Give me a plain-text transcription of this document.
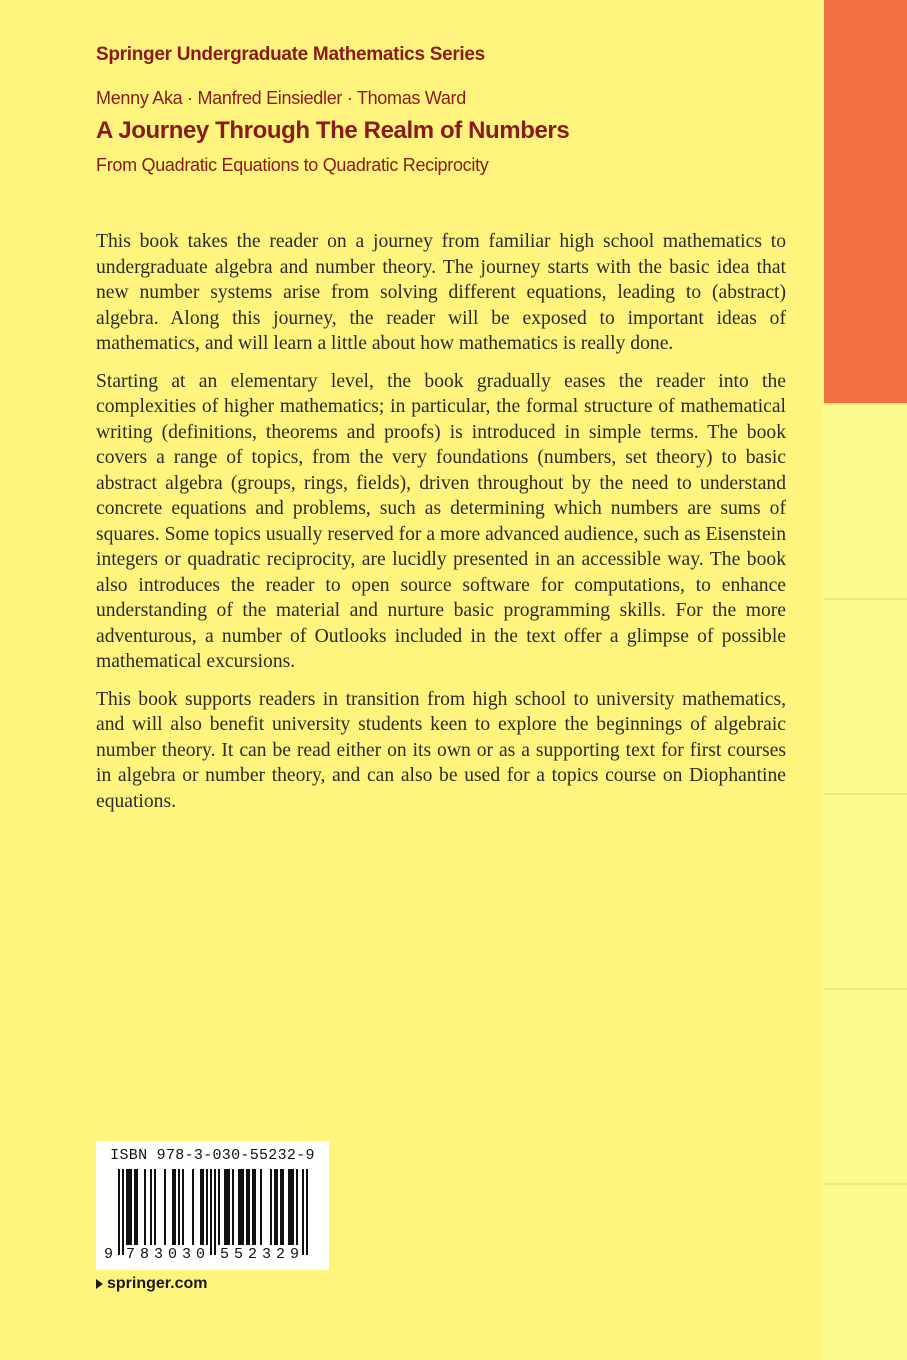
Springer Undergraduate Mathematics Series
Menny Aka · Manfred Einsiedler · Thomas Ward
A Journey Through The Realm of Numbers
From Quadratic Equations to Quadratic Reciprocity

This book takes the reader on a journey from familiar high school mathematics to undergraduate algebra and number theory. The journey starts with the basic idea that new number systems arise from solving different equations, leading to (abstract) algebra. Along this journey, the reader will be exposed to important ideas of mathematics, and will learn a little about how mathematics is really done.

Starting at an elementary level, the book gradually eases the reader into the complexities of higher mathematics; in particular, the formal structure of mathematical writing (definitions, theorems and proofs) is introduced in simple terms. The book covers a range of topics, from the very foundations (numbers, set theory) to basic abstract algebra (groups, rings, fields), driven throughout by the need to understand concrete equations and problems, such as determining which numbers are sums of squares. Some topics usually reserved for a more advanced audience, such as Eisenstein integers or quadratic reciprocity, are lucidly presented in an accessible way. The book also introduces the reader to open source software for computations, to enhance understanding of the material and nurture basic programming skills. For the more adventurous, a number of Outlooks included in the text offer a glimpse of possible mathematical excursions.

This book supports readers in transition from high school to university mathematics, and will also benefit university students keen to explore the beginnings of algebraic number theory. It can be read either on its own or as a supporting text for first courses in algebra or number theory, and can also be used for a topics course on Diophantine equations.

ISBN 978-3-030-55232-9
9 7 8 3 0 3 0 5 5 2 3 2 9
springer.com
